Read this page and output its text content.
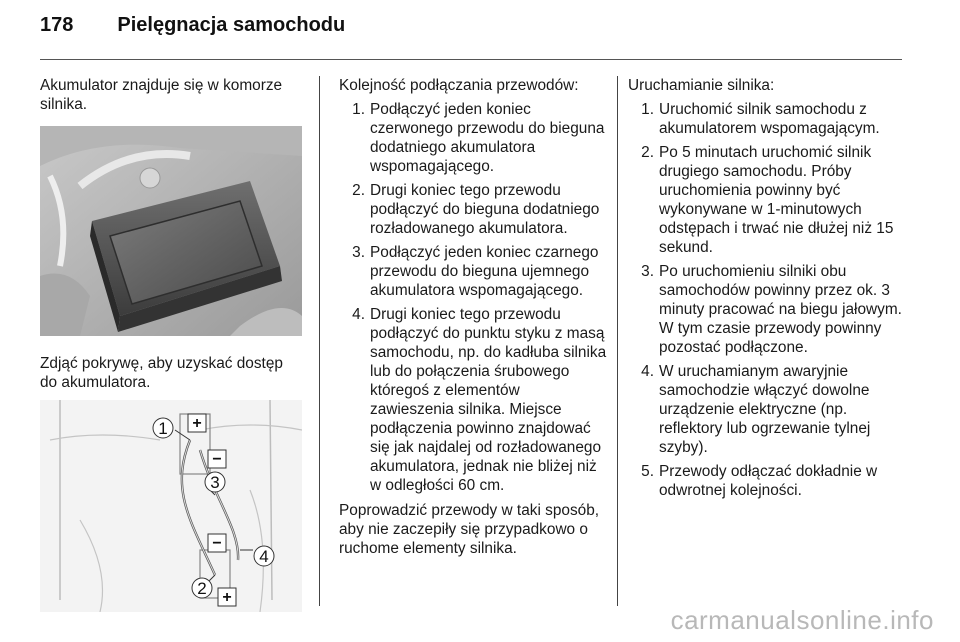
178 Pielęgnacja samochodu

Akumulator znajduje się w komorze silnika.

Zdjąć pokrywę, aby uzyskać dostęp do akumulatora.

+
−
1
3
−
4
2 +

Kolejność podłączania przewodów:

1. Podłączyć jeden koniec czerwonego przewodu do bieguna dodatniego akumulatora wspomagającego.
2. Drugi koniec tego przewodu podłączyć do bieguna dodatniego rozładowanego akumulatora.
3. Podłączyć jeden koniec czarnego przewodu do bieguna ujemnego akumulatora wspomagającego.
4. Drugi koniec tego przewodu podłączyć do punktu styku z masą samochodu, np. do kadłuba silnika lub do połączenia śrubowego któregoś z elementów zawieszenia silnika. Miejsce podłączenia powinno znajdować się jak najdalej od rozładowanego akumulatora, jednak nie bliżej niż w odległości 60 cm.

Poprowadzić przewody w taki sposób, aby nie zaczepiły się przypadkowo o ruchome elementy silnika.

Uruchamianie silnika:

1. Uruchomić silnik samochodu z akumulatorem wspomagającym.
2. Po 5 minutach uruchomić silnik drugiego samochodu. Próby uruchomienia powinny być wykonywane w 1-minutowych odstępach i trwać nie dłużej niż 15 sekund.
3. Po uruchomieniu silniki obu samochodów powinny przez ok. 3 minuty pracować na biegu jałowym. W tym czasie przewody powinny pozostać podłączone.
4. W uruchamianym awaryjnie samochodzie włączyć dowolne urządzenie elektryczne (np. reflektory lub ogrzewanie tylnej szyby).
5. Przewody odłączać dokładnie w odwrotnej kolejności.
carmanualsonline.info
